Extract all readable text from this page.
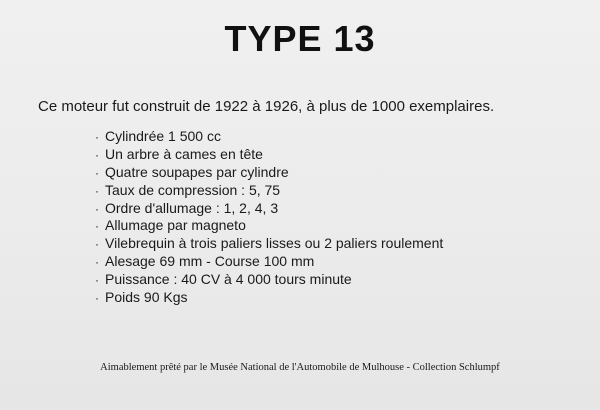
TYPE 13
Ce moteur fut construit de 1922 à 1926, à plus de 1000 exemplaires.
· Cylindrée 1 500 cc
· Un arbre à cames en tête
· Quatre soupapes par cylindre
· Taux de compression : 5, 75
· Ordre d'allumage : 1, 2, 4, 3
· Allumage par magneto
· Vilebrequin à trois paliers lisses ou 2 paliers roulement
· Alesage 69 mm - Course 100 mm
· Puissance : 40 CV à 4 000 tours minute
· Poids 90 Kgs
Aimablement prêté par le Musée National de l'Automobile de Mulhouse - Collection Schlumpf
